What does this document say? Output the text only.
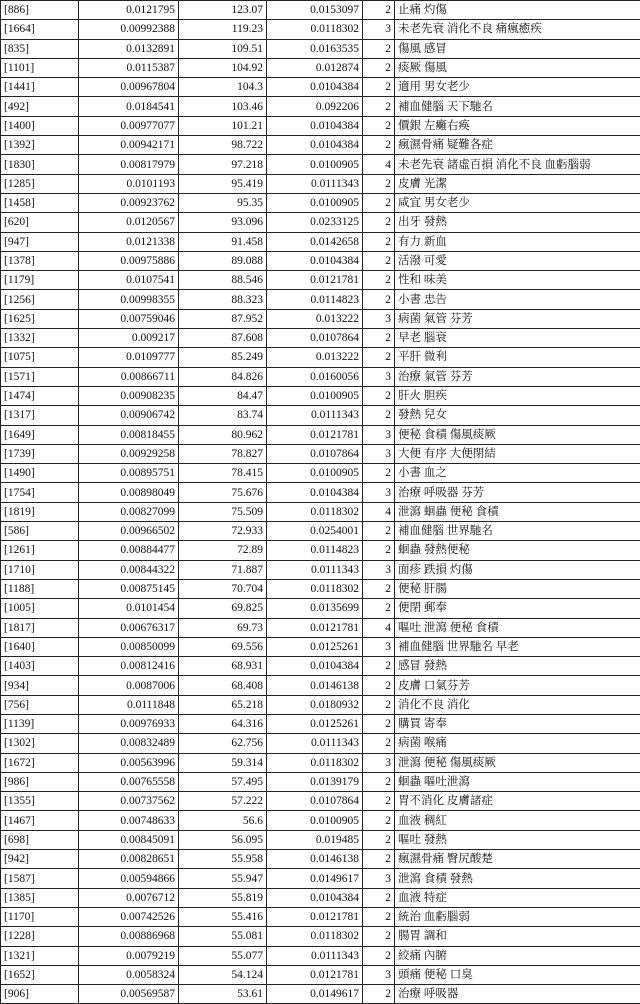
[886]	0.0121795	123.07	0.0153097	2	止痛 灼傷
[1664]	0.00992388	119.23	0.0118302	3	未老先衰 消化不良 痛瘋癒疾
[835]	0.0132891	109.51	0.0163535	2	傷風 感冒
[1101]	0.0115387	104.92	0.012874	2	痰厥 傷風
[1441]	0.00967804	104.3	0.0104384	2	適用 男女老少
[492]	0.0184541	103.46	0.092206	2	補血健腦 天下馳名
[1400]	0.00977077	101.21	0.0104384	2	價銀 左癱右痪
[1392]	0.00942171	98.722	0.0104384	2	瘋濕骨痛 疑難各症
[1830]	0.00817979	97.218	0.0100905	4	未老先衰 諸虛百損 消化不良 血虧腦弱
[1285]	0.0101193	95.419	0.0111343	2	皮膚 光潔
[1458]	0.00923762	95.35	0.0100905	2	咸宜 男女老少
[620]	0.0120567	93.096	0.0233125	2	出牙 發熱
[947]	0.0121338	91.458	0.0142658	2	有力 新血
[1378]	0.00975886	89.088	0.0104384	2	活潑 可愛
[1179]	0.0107541	88.546	0.0121781	2	性和 味美
[1256]	0.00998355	88.323	0.0114823	2	小書 忠告
[1625]	0.00759046	87.952	0.013222	3	病菌 氣管 芬芳
[1332]	0.009217	87.608	0.0107864	2	早老 腦衰
[1075]	0.0109777	85.249	0.013222	2	平肝 微利
[1571]	0.00866711	84.826	0.0160056	3	治療 氣管 芬芳
[1474]	0.00908235	84.47	0.0100905	2	肝火 胆疾
[1317]	0.00906742	83.74	0.0111343	2	發熱 兒女
[1649]	0.00818455	80.962	0.0121781	3	便秘 食積 傷風痰厥
[1739]	0.00929258	78.827	0.0107864	3	大便 有序 大便閉結
[1490]	0.00895751	78.415	0.0100905	2	小書 血之
[1754]	0.00898049	75.676	0.0104384	3	治療 呼吸器 芬芳
[1819]	0.00827099	75.509	0.0118302	4	泄瀉 蛔蟲 便秘 食積
[586]	0.00966502	72.933	0.0254001	2	補血健腦 世界馳名
[1261]	0.00884477	72.89	0.0114823	2	蛔蟲 發熱便秘
[1710]	0.00844322	71.887	0.0111343	3	面疹 跌損 灼傷
[1188]	0.00875145	70.704	0.0118302	2	便秘 肝腸
[1005]	0.0101454	69.825	0.0135699	2	便閉 郵奉
[1817]	0.00676317	69.73	0.0121781	4	嘔吐 泄瀉 便秘 食積
[1640]	0.00850099	69.556	0.0125261	3	補血健腦 世界馳名 早老
[1403]	0.00812416	68.931	0.0104384	2	感冒 發熱
[934]	0.0087006	68.408	0.0146138	2	皮膚 口氣芬芳
[756]	0.0111848	65.218	0.0180932	2	消化不良 消化
[1139]	0.00976933	64.316	0.0125261	2	購買 寄奉
[1302]	0.00832489	62.756	0.0111343	2	病菌 喉痛
[1672]	0.00563996	59.314	0.0118302	3	泄瀉 便秘 傷風痰厥
[986]	0.00765558	57.495	0.0139179	2	蛔蟲 嘔吐泄瀉
[1355]	0.00737562	57.222	0.0107864	2	胃不消化 皮膚諸症
[1467]	0.00748633	56.6	0.0100905	2	血液 稠紅
[698]	0.00845091	56.095	0.019485	2	嘔吐 發熱
[942]	0.00828651	55.958	0.0146138	2	瘋濕骨痛 臀尻酸楚
[1587]	0.00594866	55.947	0.0149617	3	泄瀉 食積 發熱
[1385]	0.0076712	55.819	0.0104384	2	血液 特症
[1170]	0.00742526	55.416	0.0121781	2	統治 血虧腦弱
[1228]	0.00886968	55.081	0.0118302	2	腸胃 調和
[1321]	0.0079219	55.077	0.0111343	2	絞痛 內腑
[1652]	0.0058324	54.124	0.0121781	3	頭痛 便秘 口臭
[906]	0.00569587	53.61	0.0149617	2	治療 呼吸器
